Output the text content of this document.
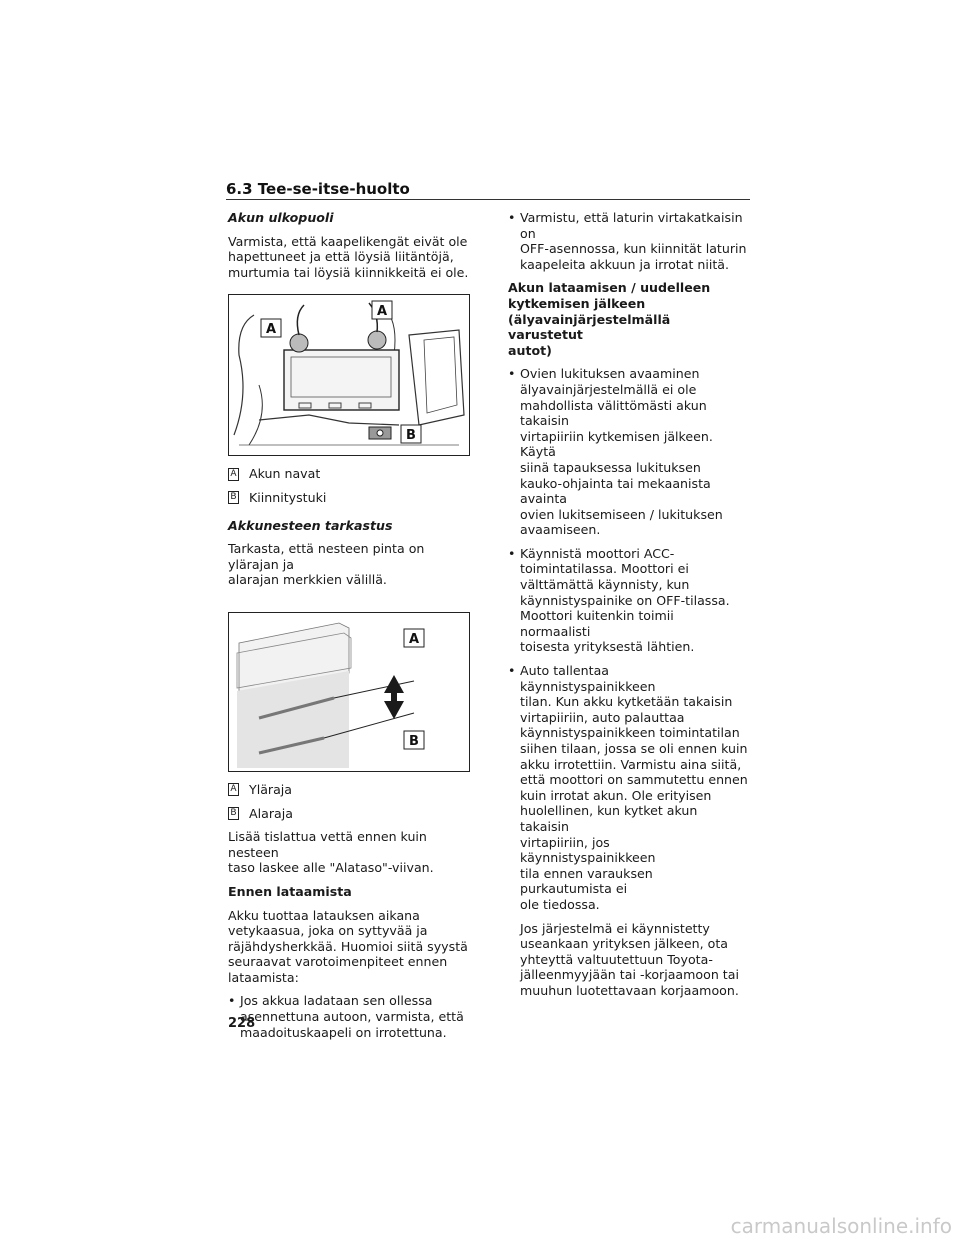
6.3 Tee-se-itse-huolto
Akun ulkopuoli
Varmista, että kaapelikengät eivät ole
hapettuneet ja että löysiä liitäntöjä,
murtumia tai löysiä kiinnikkeitä ei ole.
A
A
B
A Akun navat
B Kiinnitystuki
Akkunesteen tarkastus
Tarkasta, että nesteen pinta on ylärajan ja
alarajan merkkien välillä.
A
B
A Yläraja
B Alaraja
Lisää tislattua vettä ennen kuin nesteen
taso laskee alle "Alataso"-viivan.
Ennen lataamista
Akku tuottaa latauksen aikana
vetykaasua, joka on syttyvää ja
räjähdysherkkää. Huomioi siitä syystä
seuraavat varotoimenpiteet ennen
lataamista:
• Jos akkua ladataan sen ollessa
asennettuna autoon, varmista, että
maadoituskaapeli on irrotettuna.
• Varmistu, että laturin virtakatkaisin on
OFF-asennossa, kun kiinnität laturin
kaapeleita akkuun ja irrotat niitä.
Akun lataamisen / uudelleen
kytkemisen jälkeen
(älyavainjärjestelmällä varustetut
autot)
• Ovien lukituksen avaaminen
älyavainjärjestelmällä ei ole
mahdollista välittömästi akun takaisin
virtapiiriin kytkemisen jälkeen. Käytä
siinä tapauksessa lukituksen
kauko-ohjainta tai mekaanista avainta
ovien lukitsemiseen / lukituksen
avaamiseen.
• Käynnistä moottori ACC-
toimintatilassa. Moottori ei
välttämättä käynnisty, kun
käynnistyspainike on OFF-tilassa.
Moottori kuitenkin toimii normaalisti
toisesta yrityksestä lähtien.
• Auto tallentaa käynnistyspainikkeen
tilan. Kun akku kytketään takaisin
virtapiiriin, auto palauttaa
käynnistyspainikkeen toimintatilan
siihen tilaan, jossa se oli ennen kuin
akku irrotettiin. Varmistu aina siitä,
että moottori on sammutettu ennen
kuin irrotat akun. Ole erityisen
huolellinen, kun kytket akun takaisin
virtapiiriin, jos käynnistyspainikkeen
tila ennen varauksen purkautumista ei
ole tiedossa.
Jos järjestelmä ei käynnistetty
useankaan yrityksen jälkeen, ota
yhteyttä valtuutettuun Toyota-
jälleenmyyjään tai -korjaamoon tai
muuhun luotettavaan korjaamoon.
228
carmanualsonline.info
